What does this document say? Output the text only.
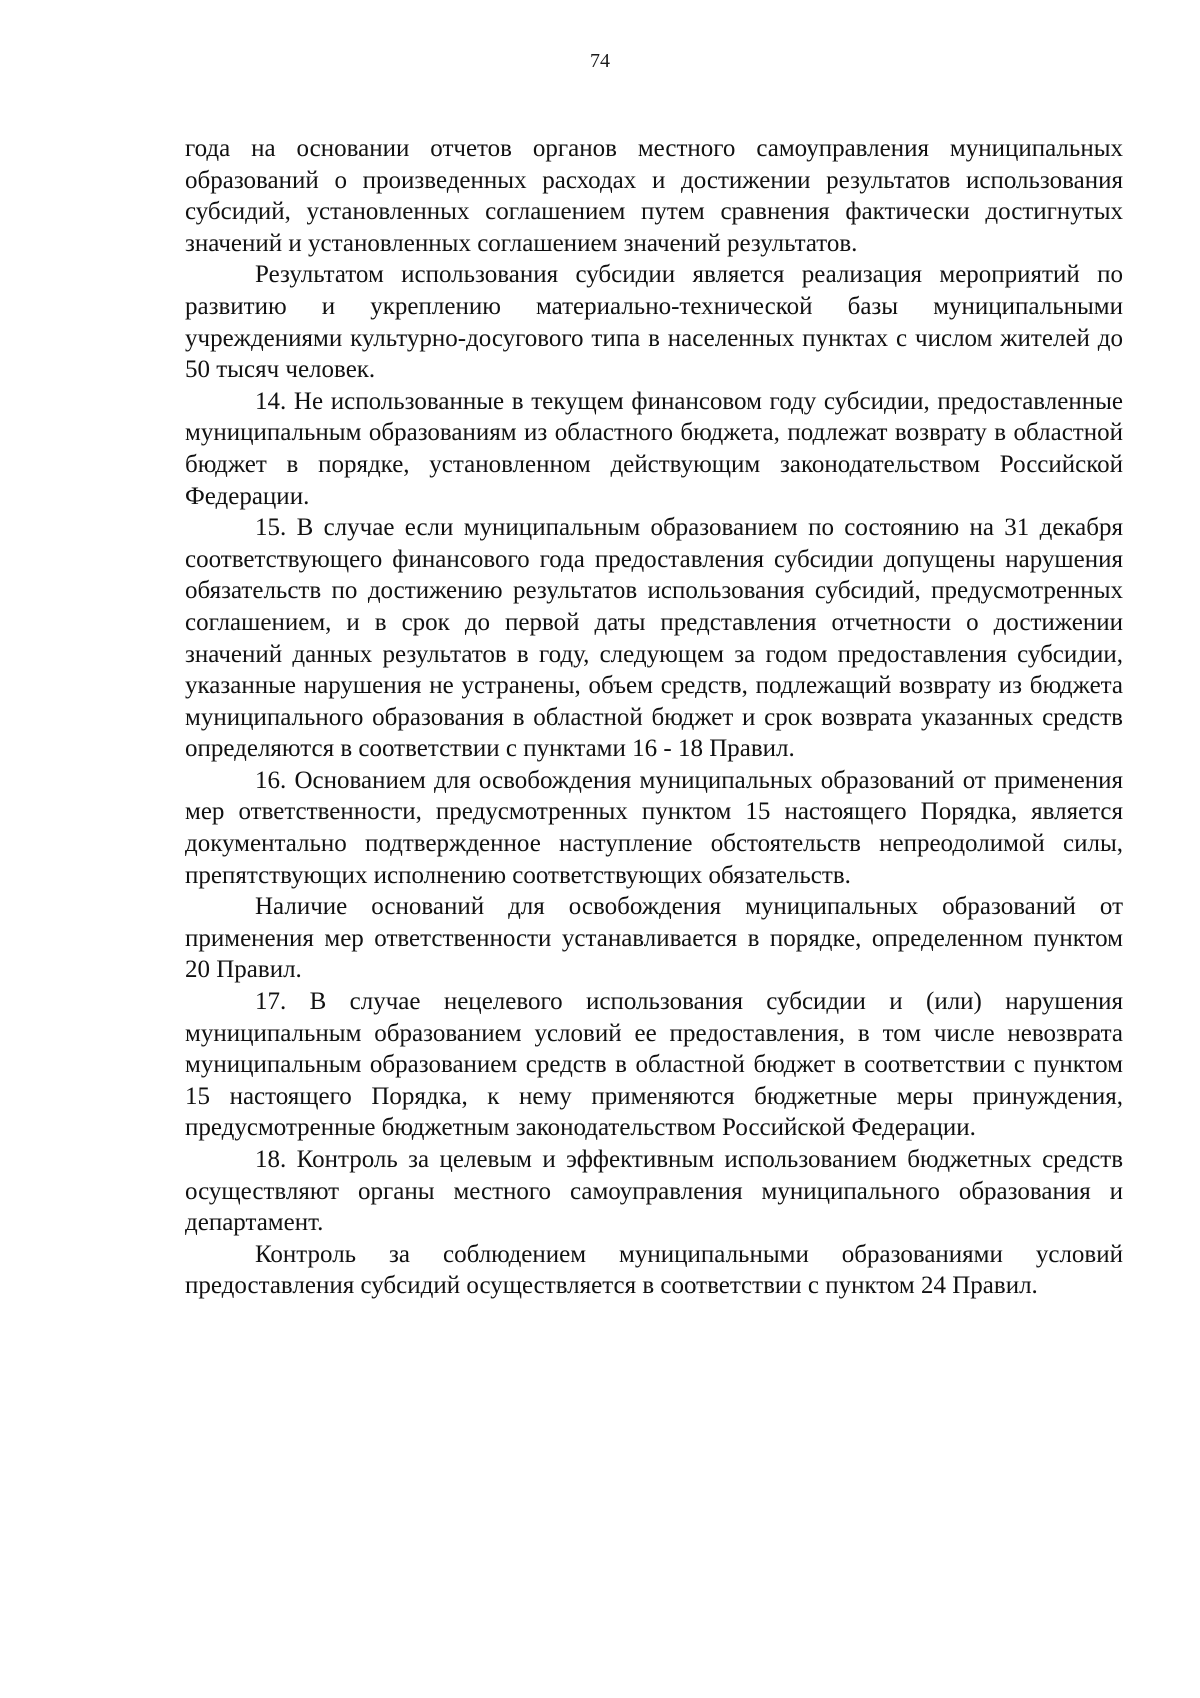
74

года на основании отчетов органов местного самоуправления муниципальных образований о произведенных расходах и достижении результатов использования субсидий, установленных соглашением путем сравнения фактически достигнутых значений и установленных соглашением значений результатов.

Результатом использования субсидии является реализация мероприятий по развитию и укреплению материально-технической базы муниципальными учреждениями культурно-досугового типа в населенных пунктах с числом жителей до 50 тысяч человек.

14. Не использованные в текущем финансовом году субсидии, предоставленные муниципальным образованиям из областного бюджета, подлежат возврату в областной бюджет в порядке, установленном действующим законодательством Российской Федерации.

15. В случае если муниципальным образованием по состоянию на 31 декабря соответствующего финансового года предоставления субсидии допущены нарушения обязательств по достижению результатов использования субсидий, предусмотренных соглашением, и в срок до первой даты представления отчетности о достижении значений данных результатов в году, следующем за годом предоставления субсидии, указанные нарушения не устранены, объем средств, подлежащий возврату из бюджета муниципального образования в областной бюджет и срок возврата указанных средств определяются в соответствии с пунктами 16 - 18 Правил.

16. Основанием для освобождения муниципальных образований от применения мер ответственности, предусмотренных пунктом 15 настоящего Порядка, является документально подтвержденное наступление обстоятельств непреодолимой силы, препятствующих исполнению соответствующих обязательств.

Наличие оснований для освобождения муниципальных образований от применения мер ответственности устанавливается в порядке, определенном пунктом 20 Правил.

17. В случае нецелевого использования субсидии и (или) нарушения муниципальным образованием условий ее предоставления, в том числе невозврата муниципальным образованием средств в областной бюджет в соответствии с пунктом 15 настоящего Порядка, к нему применяются бюджетные меры принуждения, предусмотренные бюджетным законодательством Российской Федерации.

18. Контроль за целевым и эффективным использованием бюджетных средств осуществляют органы местного самоуправления муниципального образования и департамент.

Контроль за соблюдением муниципальными образованиями условий предоставления субсидий осуществляется в соответствии с пунктом 24 Правил.
